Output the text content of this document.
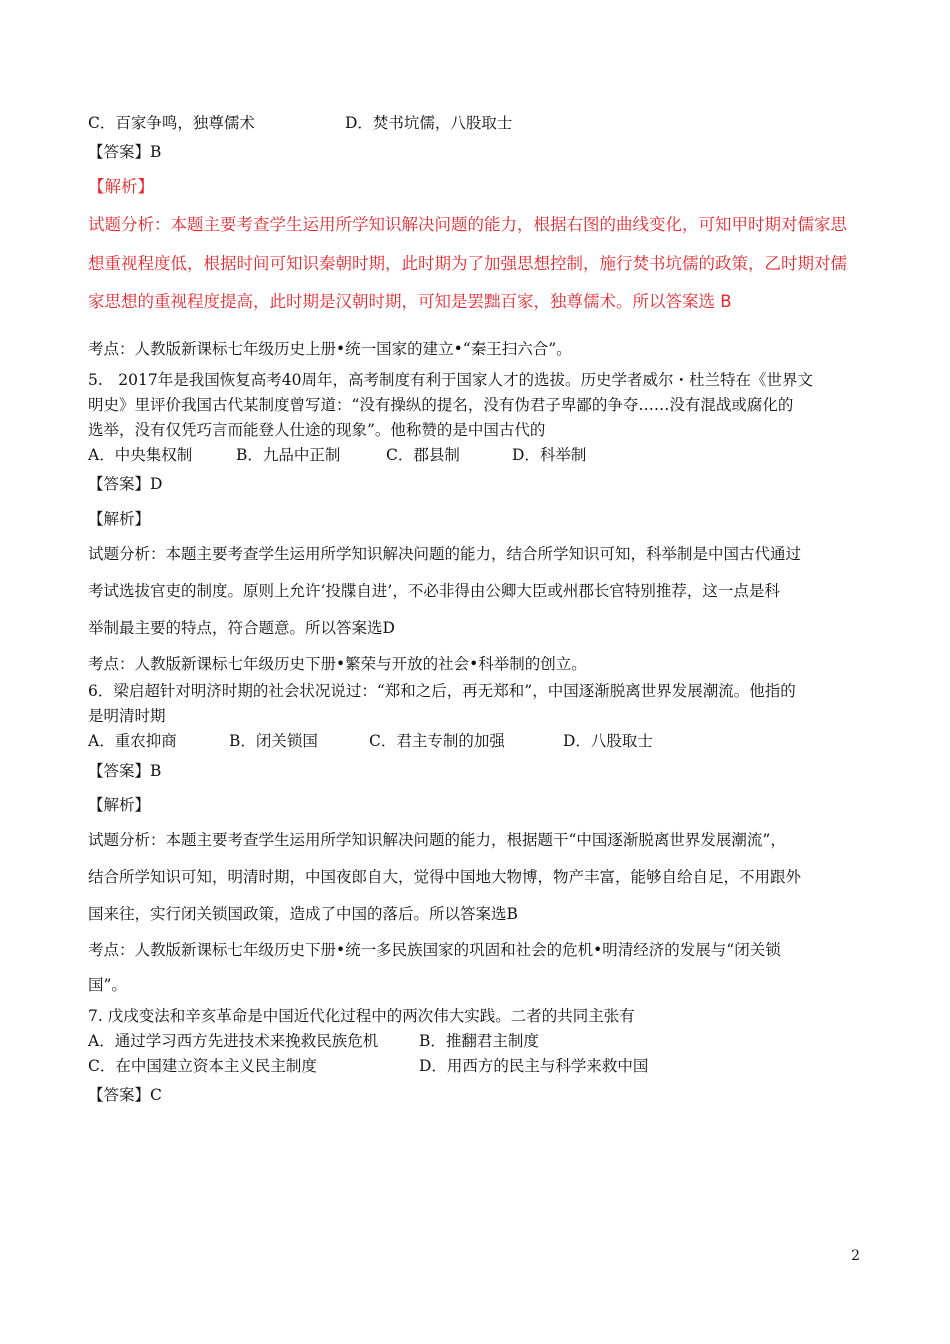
C．百家争鸣，独尊儒术	D．焚书坑儒，八股取士
【答案】B
【解析】
试题分析：本题主要考查学生运用所学知识解决问题的能力，根据右图的曲线变化，可知甲时期对儒家思
想重视程度低，根据时间可知识秦朝时期，此时期为了加强思想控制，施行焚书坑儒的政策，乙时期对儒
家思想的重视程度提高，此时期是汉朝时期，可知是罢黜百家，独尊儒术。所以答案选 B
考点：人教版新课标七年级历史上册•统一国家的建立•“秦王扫六合”。
5.　2017年是我国恢复高考40周年，高考制度有利于国家人才的选拔。历史学者威尔・杜兰特在《世界文
明史》里评价我国古代某制度曾写道：“没有操纵的提名，没有伪君子卑鄙的争夺……没有混战或腐化的
选举，没有仅凭巧言而能登人仕途的现象”。他称赞的是中国古代的
A．中央集权制	B．九品中正制	C．郡县制	D．科举制
【答案】D
【解析】
试题分析：本题主要考查学生运用所学知识解决问题的能力，结合所学知识可知，科举制是中国古代通过
考试选拔官吏的制度。原则上允许‘投牒自进’，不必非得由公卿大臣或州郡长官特别推荐，这一点是科
举制最主要的特点，符合题意。所以答案选D
考点：人教版新课标七年级历史下册•繁荣与开放的社会•科举制的创立。
6．梁启超针对明济时期的社会状况说过：“郑和之后，再无郑和”，中国逐渐脱离世界发展潮流。他指的
是明清时期
A．重农抑商	B．闭关锁国	C．君主专制的加强	D．八股取士
【答案】B
【解析】
试题分析：本题主要考查学生运用所学知识解决问题的能力，根据题干“中国逐渐脱离世界发展潮流”，
结合所学知识可知，明清时期，中国夜郎自大，觉得中国地大物博，物产丰富，能够自给自足，不用跟外
国来往，实行闭关锁国政策，造成了中国的落后。所以答案选B
考点：人教版新课标七年级历史下册•统一多民族国家的巩固和社会的危机•明清经济的发展与“闭关锁
国”。
7. 戊戌变法和辛亥革命是中国近代化过程中的两次伟大实践。二者的共同主张有
A．通过学习西方先进技术来挽救民族危机	B．推翻君主制度
C．在中国建立资本主义民主制度	D．用西方的民主与科学来救中国
【答案】C
2
